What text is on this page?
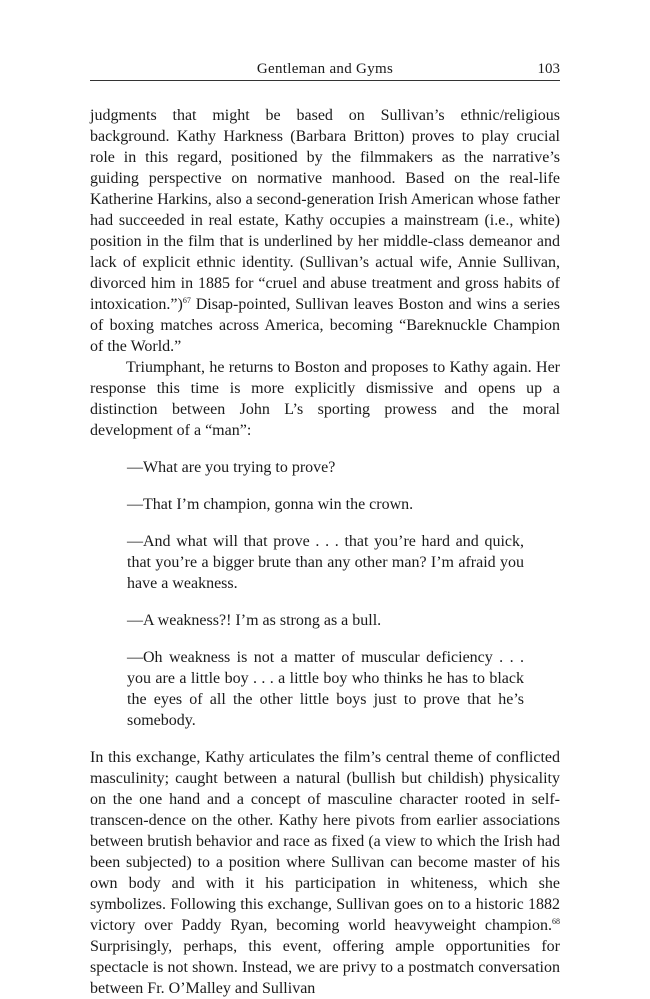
Gentleman and Gyms	103

judgments that might be based on Sullivan’s ethnic/religious background. Kathy Harkness (Barbara Britton) proves to play crucial role in this regard, positioned by the filmmakers as the narrative’s guiding perspective on normative manhood. Based on the real-life Katherine Harkins, also a second-generation Irish American whose father had succeeded in real estate, Kathy occupies a mainstream (i.e., white) position in the film that is underlined by her middle-class demeanor and lack of explicit ethnic identity. (Sullivan’s actual wife, Annie Sullivan, divorced him in 1885 for “cruel and abuse treatment and gross habits of intoxication.”)$^{67}$ Disap-pointed, Sullivan leaves Boston and wins a series of boxing matches across America, becoming “Bareknuckle Champion of the World.”

Triumphant, he returns to Boston and proposes to Kathy again. Her response this time is more explicitly dismissive and opens up a distinction between John L’s sporting prowess and the moral development of a “man”:

—What are you trying to prove?

—That I’m champion, gonna win the crown.

—And what will that prove . . . that you’re hard and quick, that you’re a bigger brute than any other man? I’m afraid you have a weakness.

—A weakness?! I’m as strong as a bull.

—Oh weakness is not a matter of muscular deficiency . . . you are a little boy . . . a little boy who thinks he has to black the eyes of all the other little boys just to prove that he’s somebody.

In this exchange, Kathy articulates the film’s central theme of conflicted masculinity; caught between a natural (bullish but childish) physicality on the one hand and a concept of masculine character rooted in self-transcen-dence on the other. Kathy here pivots from earlier associations between brutish behavior and race as fixed (a view to which the Irish had been subjected) to a position where Sullivan can become master of his own body and with it his participation in whiteness, which she symbolizes. Following this exchange, Sullivan goes on to a historic 1882 victory over Paddy Ryan, becoming world heavyweight champion.$^{68}$ Surprisingly, perhaps, this event, offering ample opportunities for spectacle is not shown. Instead, we are privy to a postmatch conversation between Fr. O’Malley and Sullivan
